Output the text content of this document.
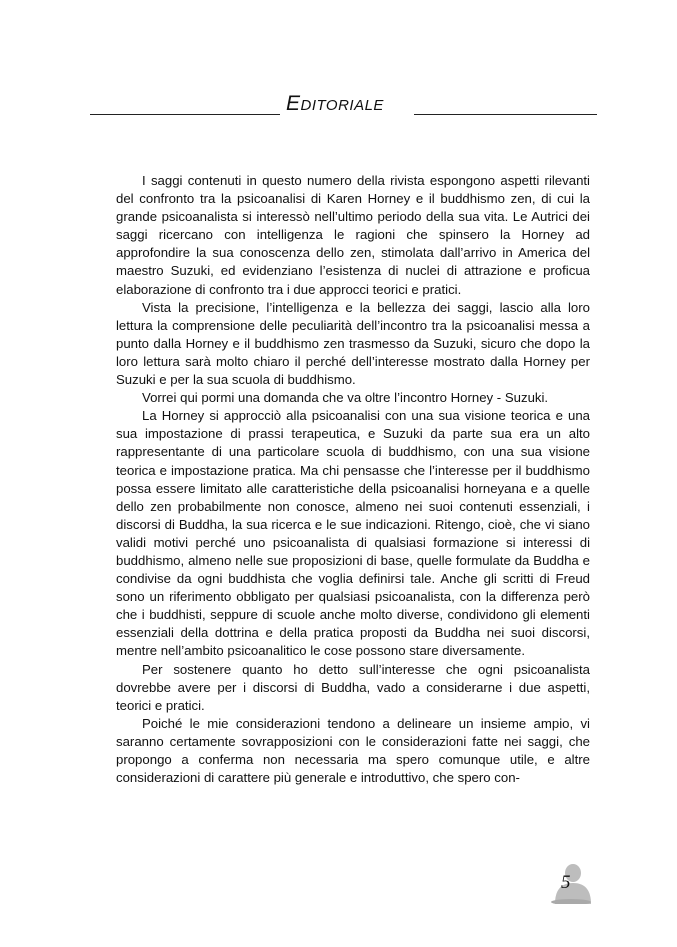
EDITORIALE

I saggi contenuti in questo numero della rivista espongono aspetti rilevanti del confronto tra la psicoanalisi di Karen Horney e il buddhismo zen, di cui la grande psicoanalista si interessò nell’ultimo periodo della sua vita. Le Autrici dei saggi ricercano con intelligenza le ragioni che spinsero la Horney ad approfondire la sua conoscenza dello zen, stimolata dall’arrivo in America del maestro Suzuki, ed evidenziano l’esistenza di nuclei di attrazione e proficua elaborazione di confronto tra i due approcci teorici e pratici.

Vista la precisione, l’intelligenza e la bellezza dei saggi, lascio alla loro lettura la comprensione delle peculiarità dell’incontro tra la psicoanalisi messa a punto dalla Horney e il buddhismo zen trasmesso da Suzuki, sicuro che dopo la loro lettura sarà molto chiaro il perché dell’interesse mostrato dalla Horney per Suzuki e per la sua scuola di buddhismo.

Vorrei qui pormi una domanda che va oltre l’incontro Horney - Suzuki.

La Horney si approcciò alla psicoanalisi con una sua visione teorica e una sua impostazione di prassi terapeutica, e Suzuki da parte sua era un alto rappresentante di una particolare scuola di buddhismo, con una sua visione teorica e impostazione pratica. Ma chi pensasse che l’interesse per il buddhismo possa essere limitato alle caratteristiche della psicoanalisi horneyana e a quelle dello zen probabilmente non conosce, almeno nei suoi contenuti essenziali, i discorsi di Buddha, la sua ricerca e le sue indicazioni. Ritengo, cioè, che vi siano validi motivi perché uno psicoanalista di qualsiasi formazione si interessi di buddhismo, almeno nelle sue proposizioni di base, quelle formulate da Buddha e condivise da ogni buddhista che voglia definirsi tale. Anche gli scritti di Freud sono un riferimento obbligato per qualsiasi psicoanalista, con la differenza però che i buddhisti, seppure di scuole anche molto diverse, condividono gli elementi essenziali della dottrina e della pratica proposti da Buddha nei suoi discorsi, mentre nell’ambito psicoanalitico le cose possono stare diversamente.

Per sostenere quanto ho detto sull’interesse che ogni psicoanalista dovrebbe avere per i discorsi di Buddha, vado a considerarne i due aspetti, teorici e pratici.

Poiché le mie considerazioni tendono a delineare un insieme ampio, vi saranno certamente sovrapposizioni con le considerazioni fatte nei saggi, che propongo a conferma non necessaria ma spero comunque utile, e altre considerazioni di carattere più generale e introduttivo, che spero con-

5
